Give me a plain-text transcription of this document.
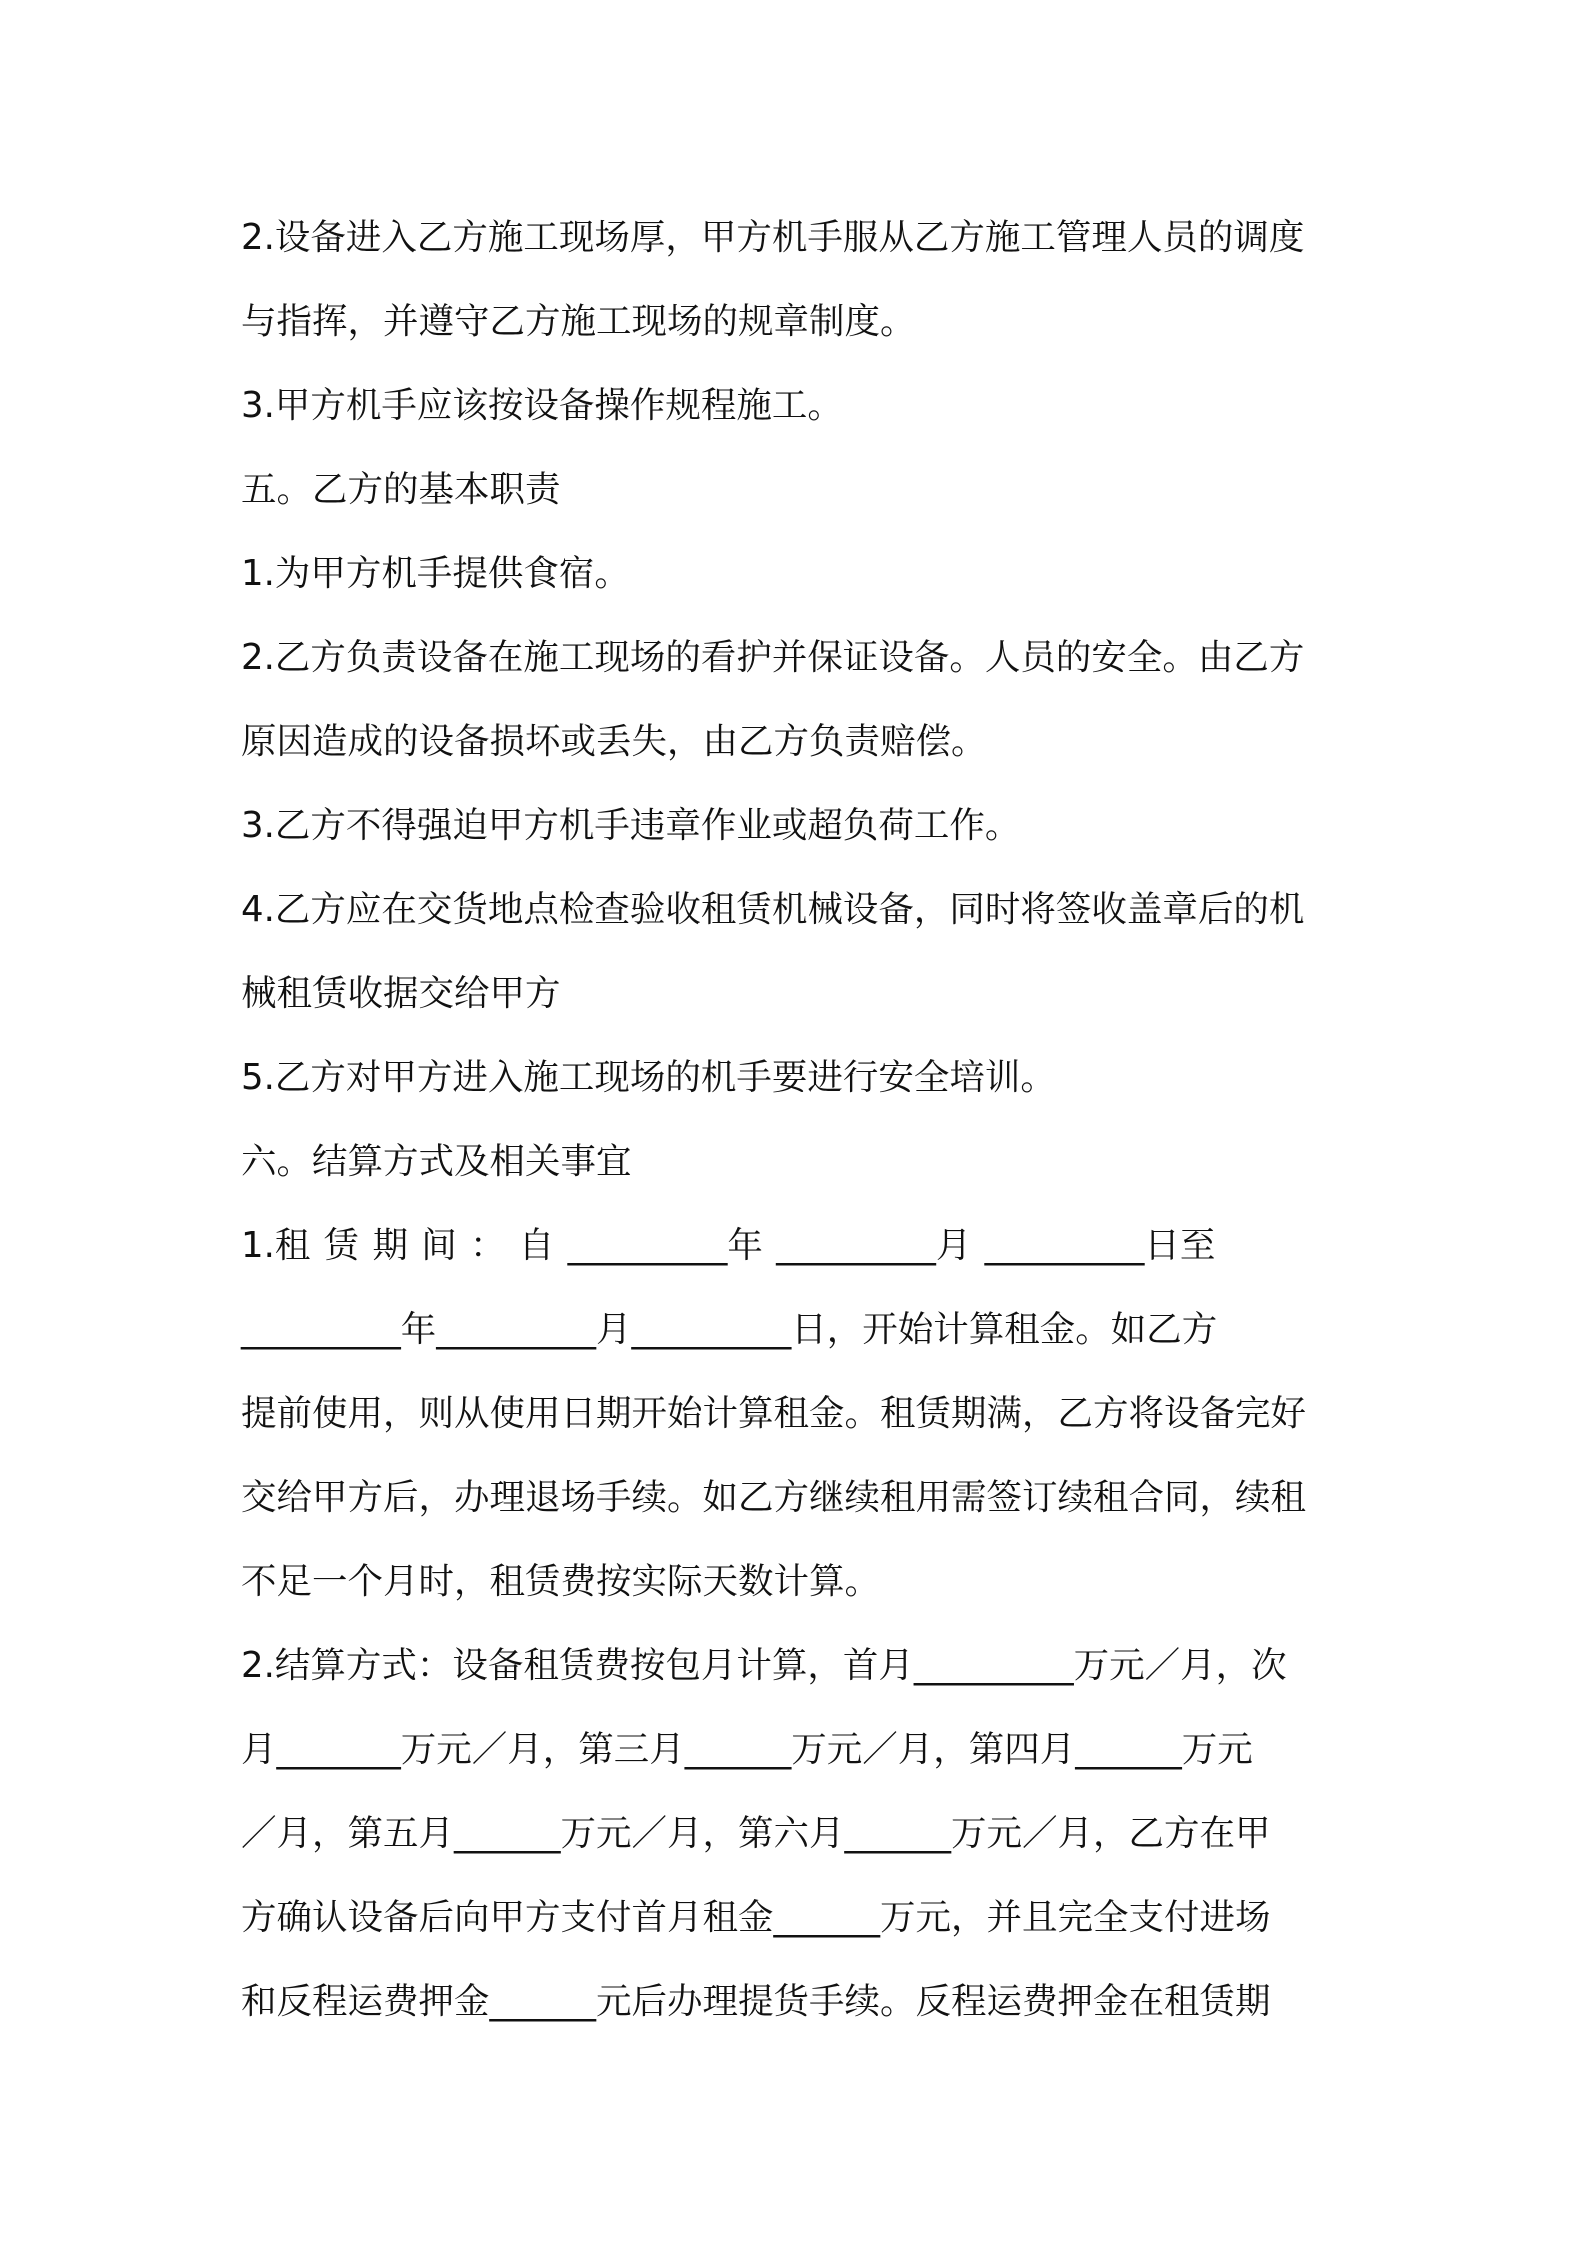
2.设备进入乙方施工现场厚，甲方机手服从乙方施工管理人员的调度

与指挥，并遵守乙方施工现场的规章制度。

3.甲方机手应该按设备操作规程施工。

五。乙方的基本职责

1.为甲方机手提供食宿。

2.乙方负责设备在施工现场的看护并保证设备。人员的安全。由乙方

原因造成的设备损坏或丢失，由乙方负责赔偿。

3.乙方不得强迫甲方机手违章作业或超负荷工作。

4.乙方应在交货地点检查验收租赁机械设备，同时将签收盖章后的机

械租赁收据交给甲方

5.乙方对甲方进入施工现场的机手要进行安全培训。

六。结算方式及相关事宜

1.租 赁 期 间 ： 自 _________年 _________月 _________日至

_________年_________月_________日，开始计算租金。如乙方

提前使用，则从使用日期开始计算租金。租赁期满，乙方将设备完好

交给甲方后，办理退场手续。如乙方继续租用需签订续租合同，续租

不足一个月时，租赁费按实际天数计算。

2.结算方式：设备租赁费按包月计算，首月_________万元／月，次

月_______万元／月，第三月______万元／月，第四月______万元

／月，第五月______万元／月，第六月______万元／月，乙方在甲

方确认设备后向甲方支付首月租金______万元，并且完全支付进场

和反程运费押金______元后办理提货手续。反程运费押金在租赁期
